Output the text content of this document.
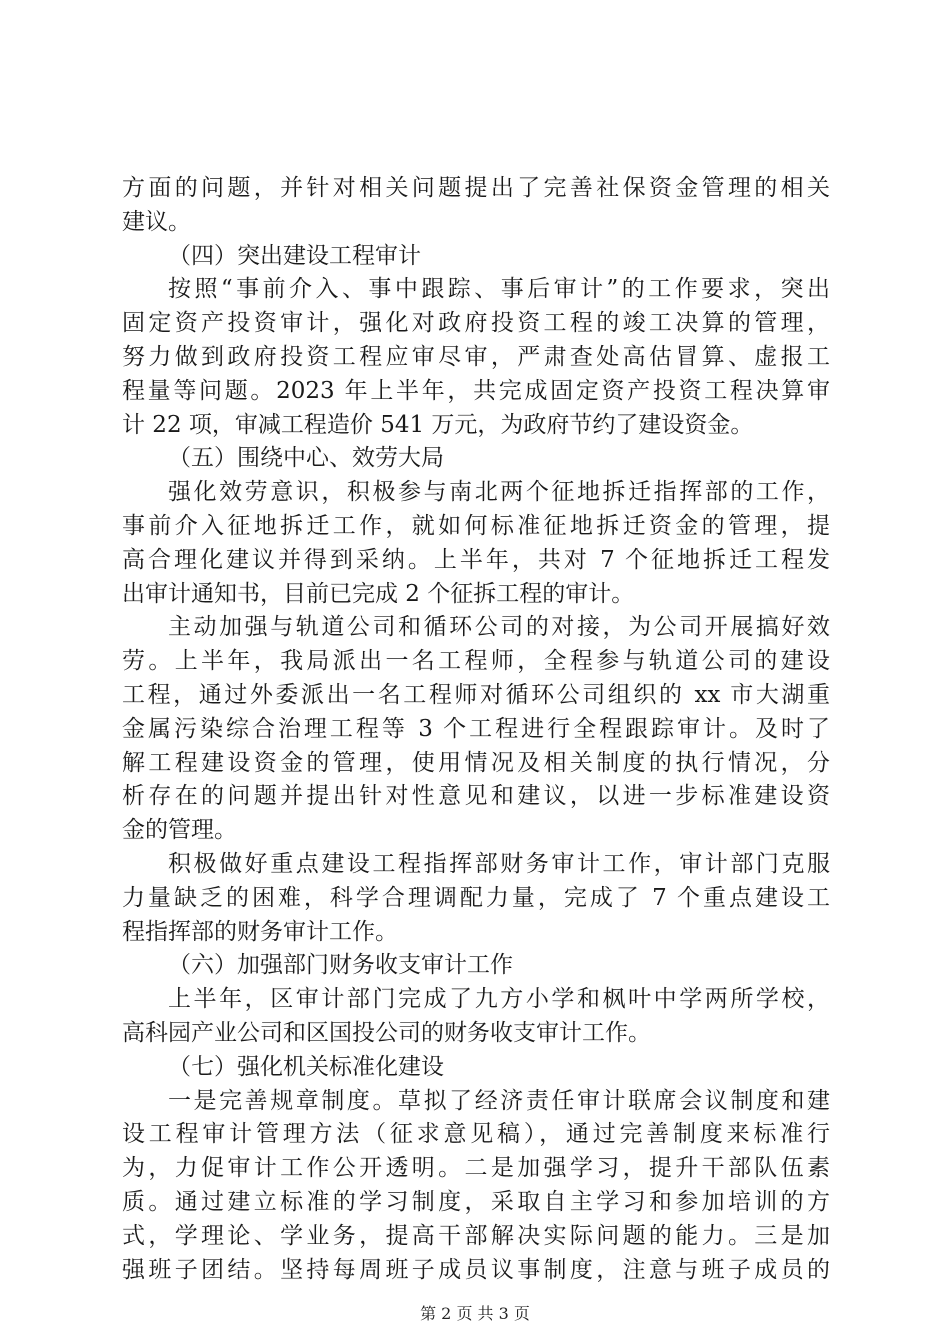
方面的问题，并针对相关问题提出了完善社保资金管理的相关
建议。
（四）突出建设工程审计
按照“事前介入、事中跟踪、事后审计”的工作要求，突出
固定资产投资审计，强化对政府投资工程的竣工决算的管理，
努力做到政府投资工程应审尽审，严肃查处高估冒算、虚报工
程量等问题。2023 年上半年，共完成固定资产投资工程决算审
计 22 项，审减工程造价 541 万元，为政府节约了建设资金。
（五）围绕中心、效劳大局
强化效劳意识，积极参与南北两个征地拆迁指挥部的工作，
事前介入征地拆迁工作，就如何标准征地拆迁资金的管理，提
高合理化建议并得到采纳。上半年，共对 7 个征地拆迁工程发
出审计通知书，目前已完成 2 个征拆工程的审计。
主动加强与轨道公司和循环公司的对接，为公司开展搞好效
劳。上半年，我局派出一名工程师，全程参与轨道公司的建设
工程，通过外委派出一名工程师对循环公司组织的 xx 市大湖重
金属污染综合治理工程等 3 个工程进行全程跟踪审计。及时了
解工程建设资金的管理，使用情况及相关制度的执行情况，分
析存在的问题并提出针对性意见和建议，以进一步标准建设资
金的管理。
积极做好重点建设工程指挥部财务审计工作，审计部门克服
力量缺乏的困难，科学合理调配力量，完成了 7 个重点建设工
程指挥部的财务审计工作。
（六）加强部门财务收支审计工作
上半年，区审计部门完成了九方小学和枫叶中学两所学校，
高科园产业公司和区国投公司的财务收支审计工作。
（七）强化机关标准化建设
一是完善规章制度。草拟了经济责任审计联席会议制度和建
设工程审计管理方法（征求意见稿），通过完善制度来标准行
为，力促审计工作公开透明。二是加强学习，提升干部队伍素
质。通过建立标准的学习制度，采取自主学习和参加培训的方
式，学理论、学业务，提高干部解决实际问题的能力。三是加
强班子团结。坚持每周班子成员议事制度，注意与班子成员的
第 2 页 共 3 页
